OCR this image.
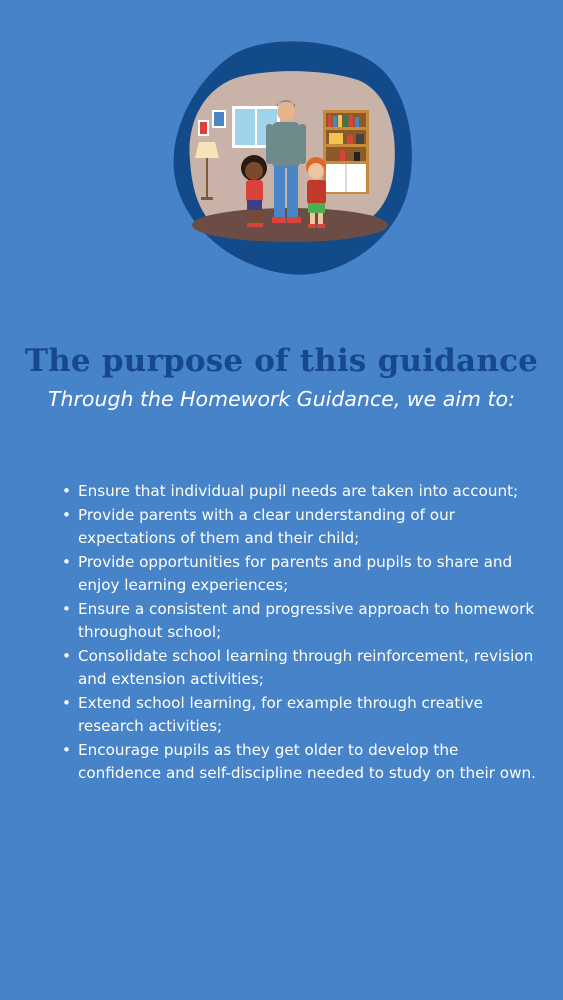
The purpose of this guidance
Through the Homework Guidance, we aim to:
• Ensure that individual pupil needs are taken into account;
• Provide parents with a clear understanding of our expectations of them and their child;
• Provide opportunities for parents and pupils to share and enjoy learning experiences;
• Ensure a consistent and progressive approach to homework throughout school;
• Consolidate school learning through reinforcement, revision and extension activities;
• Extend school learning, for example through creative research activities;
• Encourage pupils as they get older to develop the confidence and self-discipline needed to study on their own.
